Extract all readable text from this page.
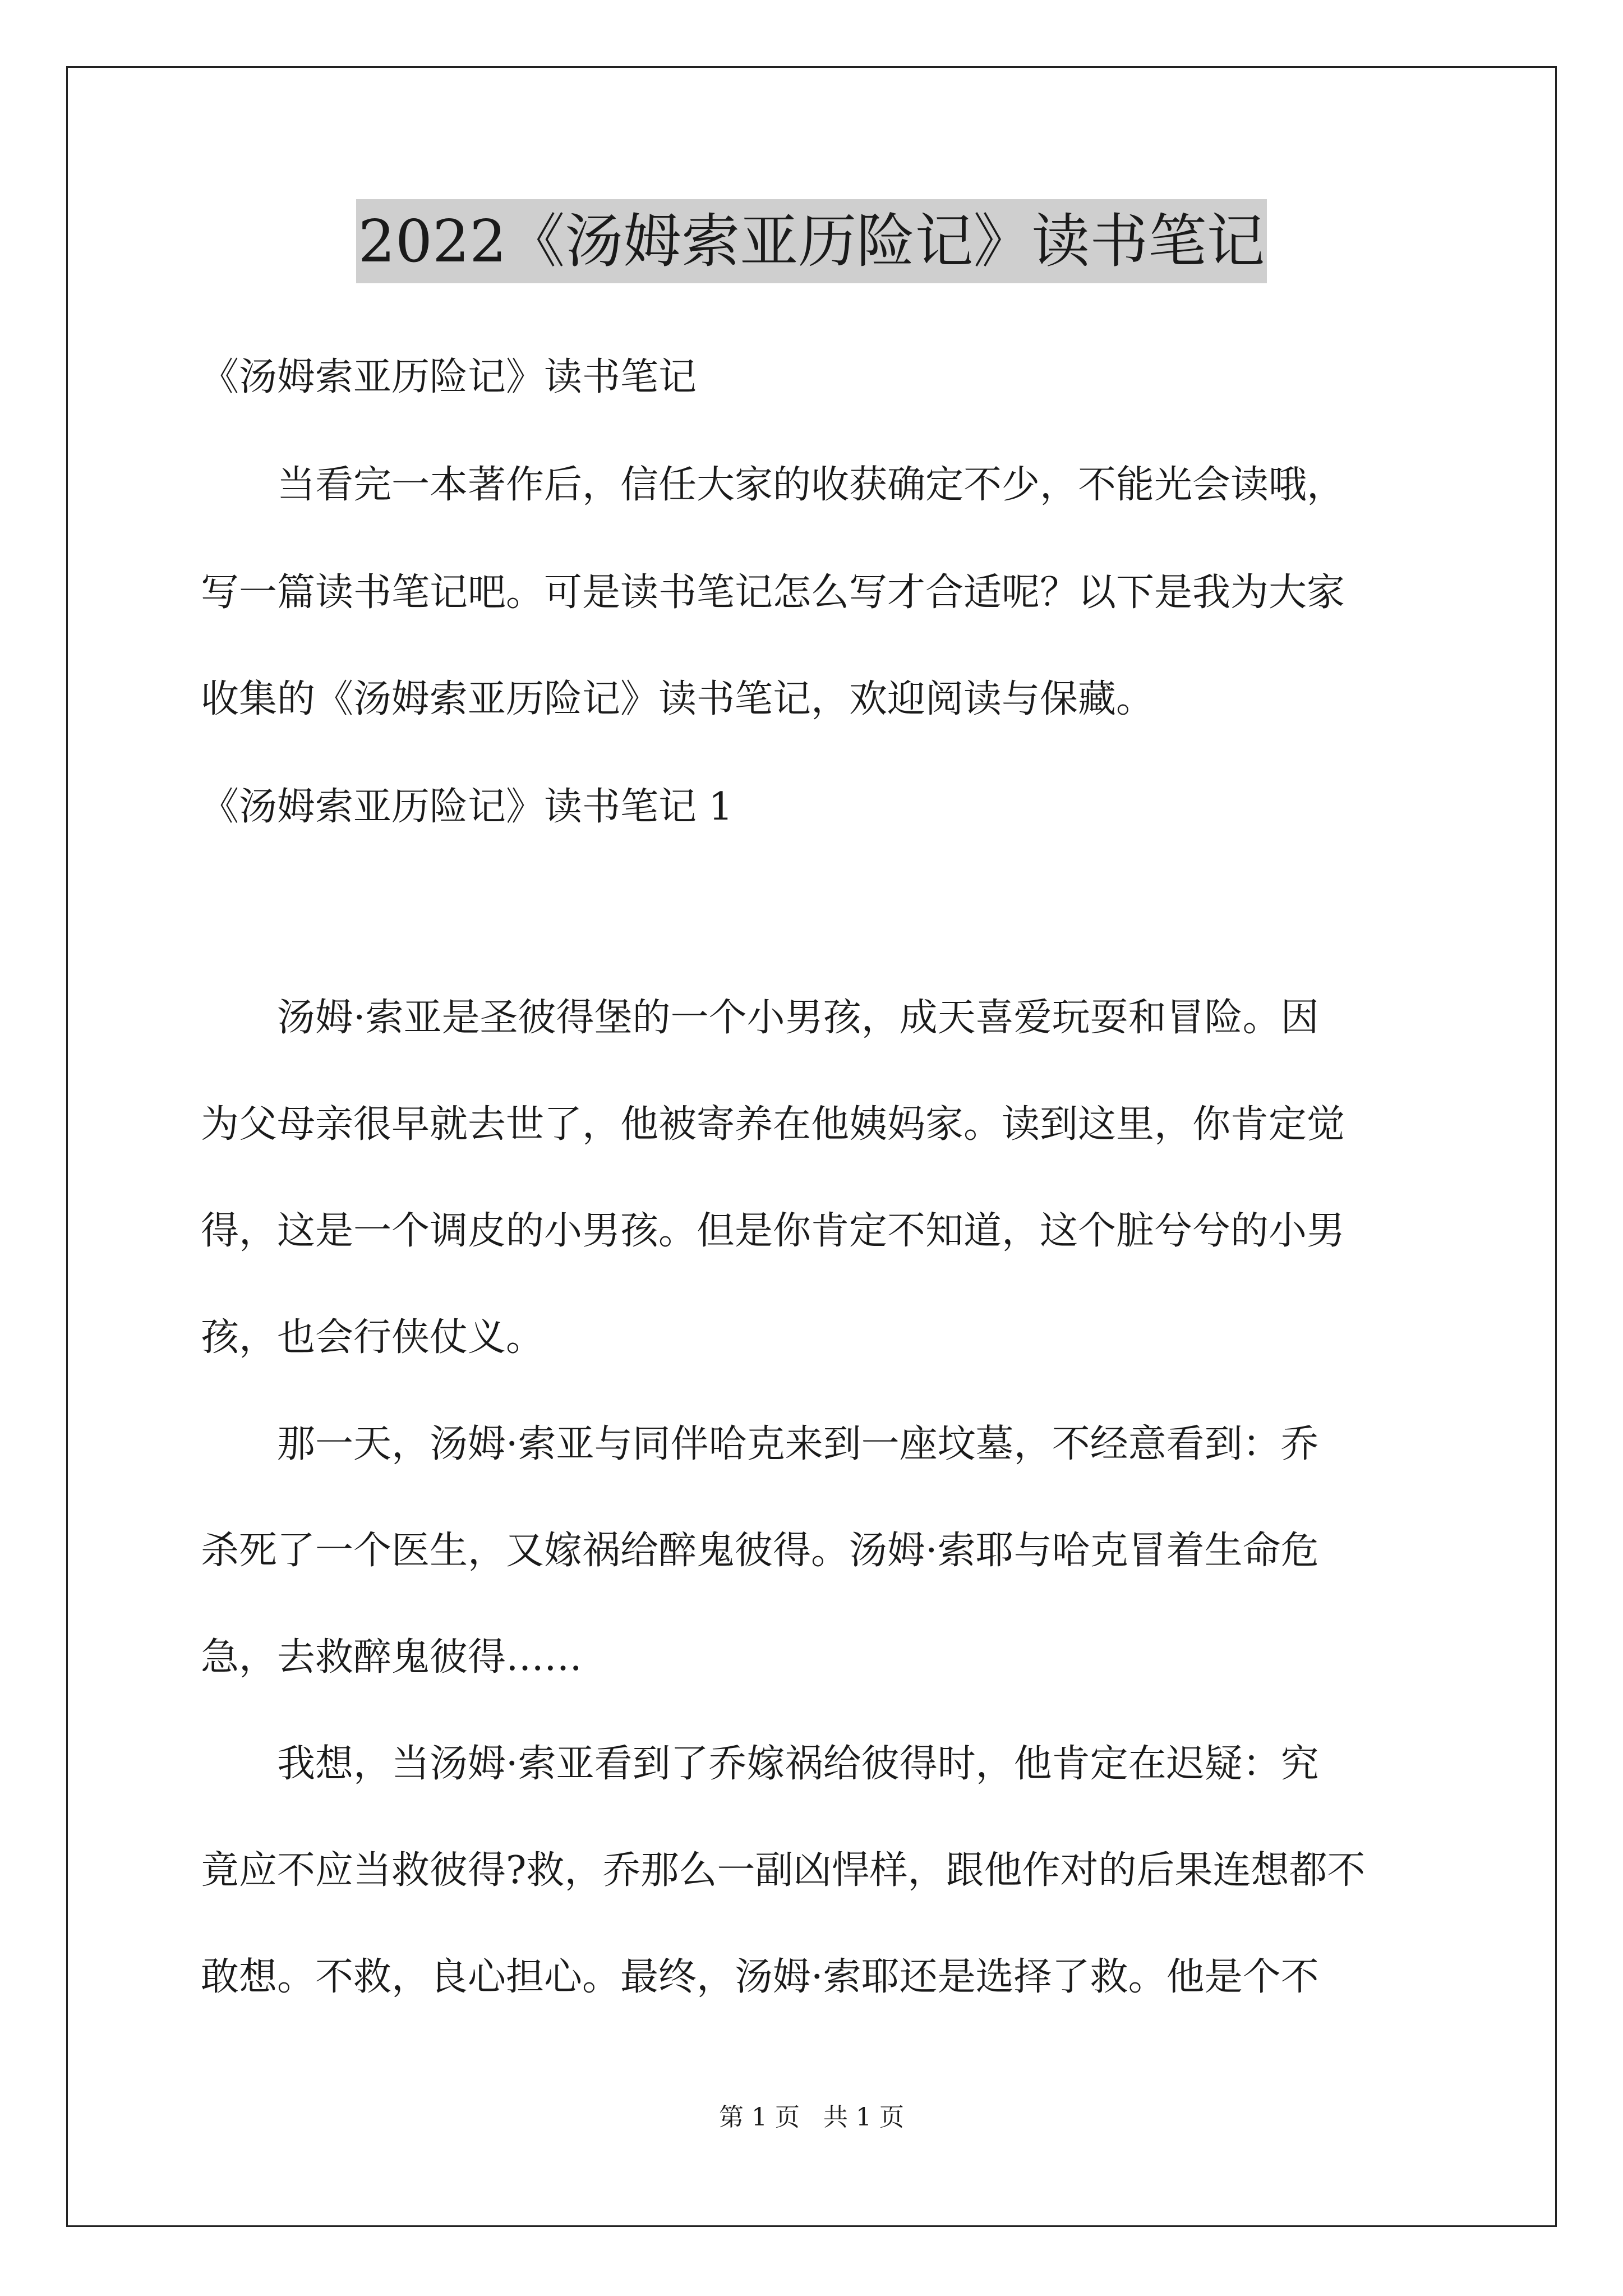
2022《汤姆索亚历险记》读书笔记

《汤姆索亚历险记》读书笔记

　　当看完一本著作后，信任大家的收获确定不少，不能光会读哦，

写一篇读书笔记吧。可是读书笔记怎么写才合适呢？以下是我为大家

收集的《汤姆索亚历险记》读书笔记，欢迎阅读与保藏。

《汤姆索亚历险记》读书笔记 1

　　汤姆·索亚是圣彼得堡的一个小男孩，成天喜爱玩耍和冒险。因

为父母亲很早就去世了，他被寄养在他姨妈家。读到这里，你肯定觉

得，这是一个调皮的小男孩。但是你肯定不知道，这个脏兮兮的小男

孩，也会行侠仗义。

　　那一天，汤姆·索亚与同伴哈克来到一座坟墓，不经意看到：乔

杀死了一个医生，又嫁祸给醉鬼彼得。汤姆·索耶与哈克冒着生命危

急，去救醉鬼彼得……

　　我想，当汤姆·索亚看到了乔嫁祸给彼得时，他肯定在迟疑：究

竟应不应当救彼得?救，乔那么一副凶悍样，跟他作对的后果连想都不

敢想。不救，良心担心。最终，汤姆·索耶还是选择了救。他是个不

第 1 页 共 1 页
